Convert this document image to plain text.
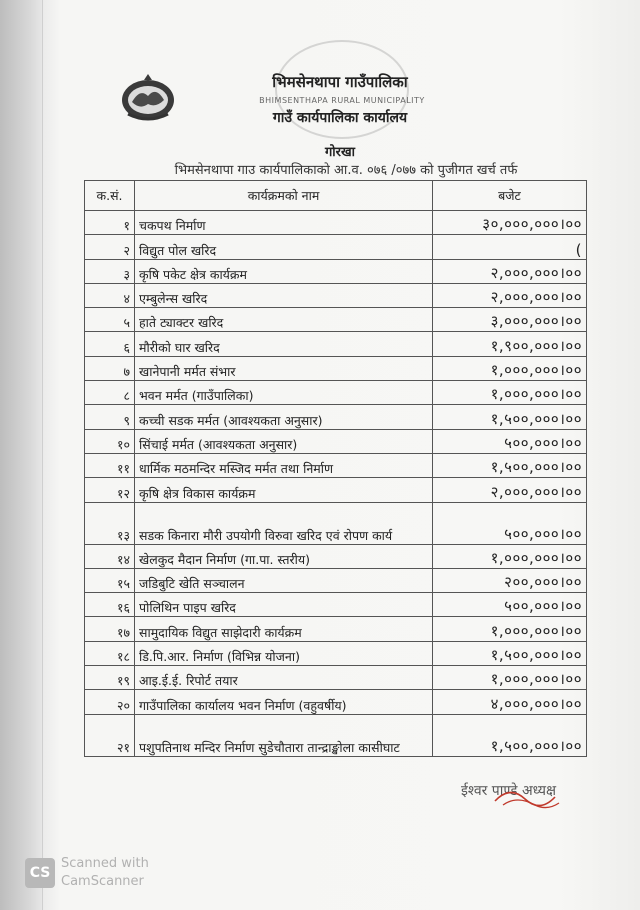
भिमसेनथापा गाउँपालिका
BHIMSENTHAPA RURAL MUNICIPALITY
गाउँ कार्यपालिका कार्यालय
गोरखा
भिमसेनथापा गाउ कार्यपालिकाको आ.व. ०७६ /०७७ को पुजीगत खर्च तर्फ
क.सं.	कार्यक्रमको नाम	बजेट
१	चकपथ निर्माण	३०,०००,०००।००
२	विद्युत पोल खरिद	(
३	कृषि पकेट क्षेत्र कार्यक्रम	२,०००,०००।००
४	एम्बुलेन्स खरिद	२,०००,०००।००
५	हाते ट्याक्टर खरिद	३,०००,०००।००
६	मौरीको घार खरिद	१,९००,०००।००
७	खानेपानी मर्मत संभार	१,०००,०००।००
८	भवन मर्मत (गाउँपालिका)	१,०००,०००।००
९	कच्ची सडक मर्मत (आवश्यकता अनुसार)	१,५००,०००।००
१०	सिंचाई मर्मत (आवश्यकता अनुसार)	५००,०००।००
११	धार्मिक मठमन्दिर मस्जिद मर्मत तथा निर्माण	१,५००,०००।००
१२	कृषि क्षेत्र विकास कार्यक्रम	२,०००,०००।००
१३	सडक किनारा मौरी उपयोगी विरुवा खरिद एवं रोपण कार्य	५००,०००।००
१४	खेलकुद मैदान निर्माण (गा.पा. स्तरीय)	१,०००,०००।००
१५	जडिबुटि खेति सञ्चालन	२००,०००।००
१६	पोलिथिन पाइप खरिद	५००,०००।००
१७	सामुदायिक विद्युत साझेदारी कार्यक्रम	१,०००,०००।००
१८	डि.पि.आर. निर्माण (विभिन्न योजना)	१,५००,०००।००
१९	आइ.ई.ई. रिपोर्ट तयार	१,०००,०००।००
२०	गाउँपालिका कार्यालय भवन निर्माण (वहुवर्षीय)	४,०००,०००।००
२१	पशुपतिनाथ मन्दिर निर्माण सुडेचौतारा तान्द्राङ्खोला कासीघाट	१,५००,०००।००
ईश्वर पाण्डे अध्यक्ष
CS
Scanned with
CamScanner
